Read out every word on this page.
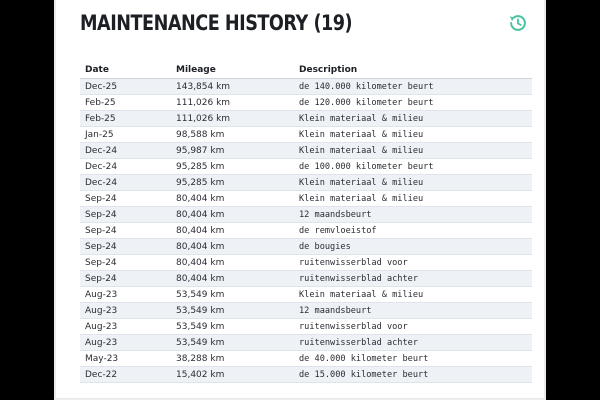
MAINTENANCE HISTORY (19)
Date	Mileage	Description
Dec-25	143,854 km	de 140.000 kilometer beurt
Feb-25	111,026 km	de 120.000 kilometer beurt
Feb-25	111,026 km	Klein materiaal & milieu
Jan-25	98,588 km	Klein materiaal & milieu
Dec-24	95,987 km	Klein materiaal & milieu
Dec-24	95,285 km	de 100.000 kilometer beurt
Dec-24	95,285 km	Klein materiaal & milieu
Sep-24	80,404 km	Klein materiaal & milieu
Sep-24	80,404 km	12 maandsbeurt
Sep-24	80,404 km	de remvloeistof
Sep-24	80,404 km	de bougies
Sep-24	80,404 km	ruitenwisserblad voor
Sep-24	80,404 km	ruitenwisserblad achter
Aug-23	53,549 km	Klein materiaal & milieu
Aug-23	53,549 km	12 maandsbeurt
Aug-23	53,549 km	ruitenwisserblad voor
Aug-23	53,549 km	ruitenwisserblad achter
May-23	38,288 km	de 40.000 kilometer beurt
Dec-22	15,402 km	de 15.000 kilometer beurt
